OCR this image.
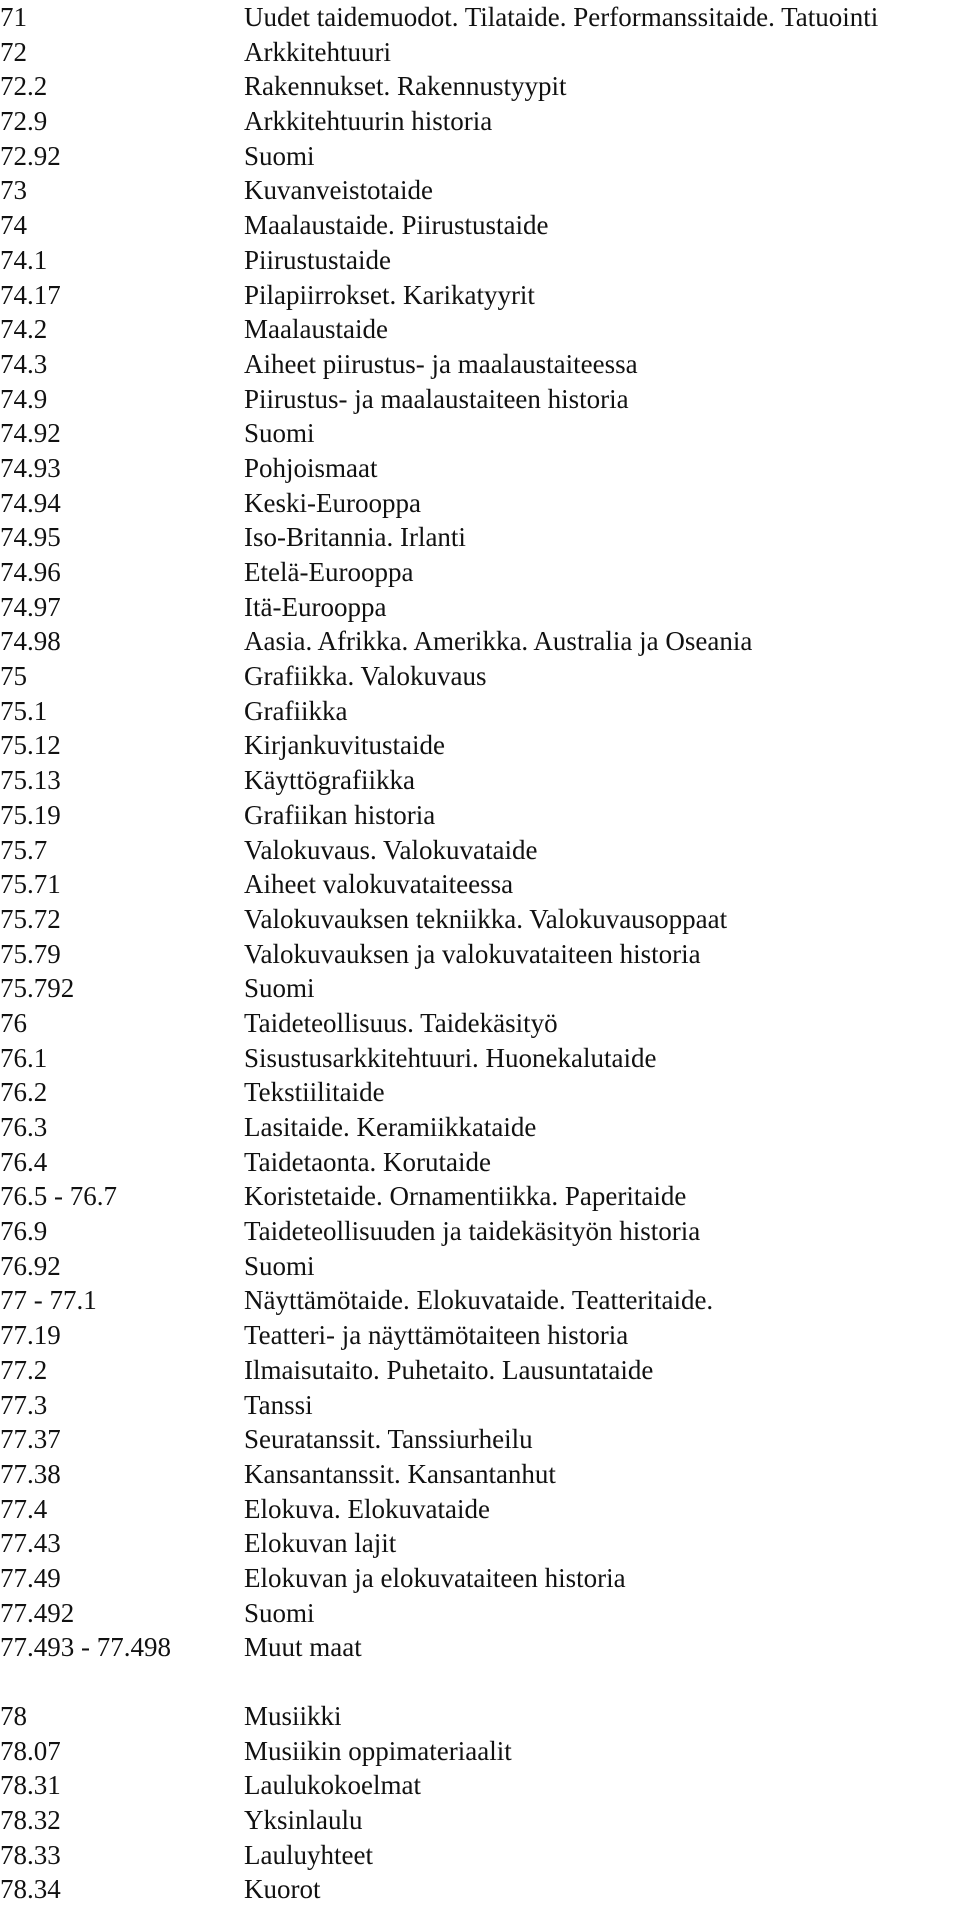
71	Uudet taidemuodot. Tilataide. Performanssitaide. Tatuointi
72	Arkkitehtuuri
72.2	Rakennukset. Rakennustyypit
72.9	Arkkitehtuurin historia
72.92	Suomi
73	Kuvanveistotaide
74	Maalaustaide. Piirustustaide
74.1	Piirustustaide
74.17	Pilapiirrokset. Karikatyyrit
74.2	Maalaustaide
74.3	Aiheet piirustus- ja maalaustaiteessa
74.9	Piirustus- ja maalaustaiteen historia
74.92	Suomi
74.93	Pohjoismaat
74.94	Keski-Eurooppa
74.95	Iso-Britannia. Irlanti
74.96	Etelä-Eurooppa
74.97	Itä-Eurooppa
74.98	Aasia. Afrikka. Amerikka. Australia ja Oseania
75	Grafiikka. Valokuvaus
75.1	Grafiikka
75.12	Kirjankuvitustaide
75.13	Käyttögrafiikka
75.19	Grafiikan historia
75.7	Valokuvaus. Valokuvataide
75.71	Aiheet valokuvataiteessa
75.72	Valokuvauksen tekniikka. Valokuvausoppaat
75.79	Valokuvauksen ja valokuvataiteen historia
75.792	Suomi
76	Taideteollisuus. Taidekäsityö
76.1	Sisustusarkkitehtuuri. Huonekalutaide
76.2	Tekstiilitaide
76.3	Lasitaide. Keramiikkataide
76.4	Taidetaonta. Korutaide
76.5 - 76.7	Koristetaide. Ornamentiikka. Paperitaide
76.9	Taideteollisuuden ja taidekäsityön historia
76.92	Suomi
77 - 77.1	Näyttämötaide. Elokuvataide. Teatteritaide.
77.19	Teatteri- ja näyttämötaiteen historia
77.2	Ilmaisutaito. Puhetaito. Lausuntataide
77.3	Tanssi
77.37	Seuratanssit. Tanssiurheilu
77.38	Kansantanssit. Kansantanhut
77.4	Elokuva. Elokuvataide
77.43	Elokuvan lajit
77.49	Elokuvan ja elokuvataiteen historia
77.492	Suomi
77.493 - 77.498	Muut maat
78	Musiikki
78.07	Musiikin oppimateriaalit
78.31	Laulukokoelmat
78.32	Yksinlaulu
78.33	Lauluyhteet
78.34	Kuorot
